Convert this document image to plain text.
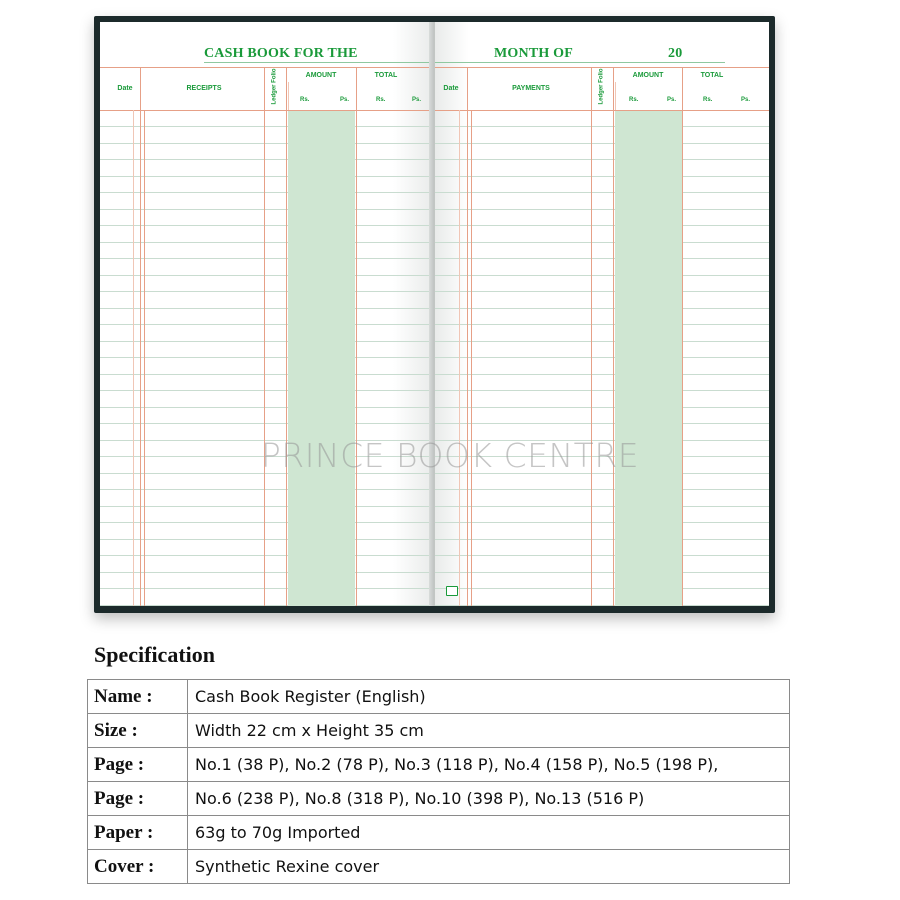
CASH BOOK FOR THE
Date	RECEIPTS	Ledger Folio	AMOUNT	TOTAL
Rs.	Ps.	Rs.	Ps.
MONTH OF	20
Date	PAYMENTS	Ledger Folio	AMOUNT	TOTAL
Rs.	Ps.	Rs.	Ps.
PRINCE BOOK CENTRE
Specification
Name :	Cash Book Register (English)
Size :	Width 22 cm x Height 35 cm
Page :	No.1 (38 P), No.2 (78 P), No.3 (118 P), No.4 (158 P), No.5 (198 P),
Page :	No.6 (238 P), No.8 (318 P), No.10 (398 P), No.13 (516 P)
Paper :	63g to 70g Imported
Cover :	Synthetic Rexine cover
